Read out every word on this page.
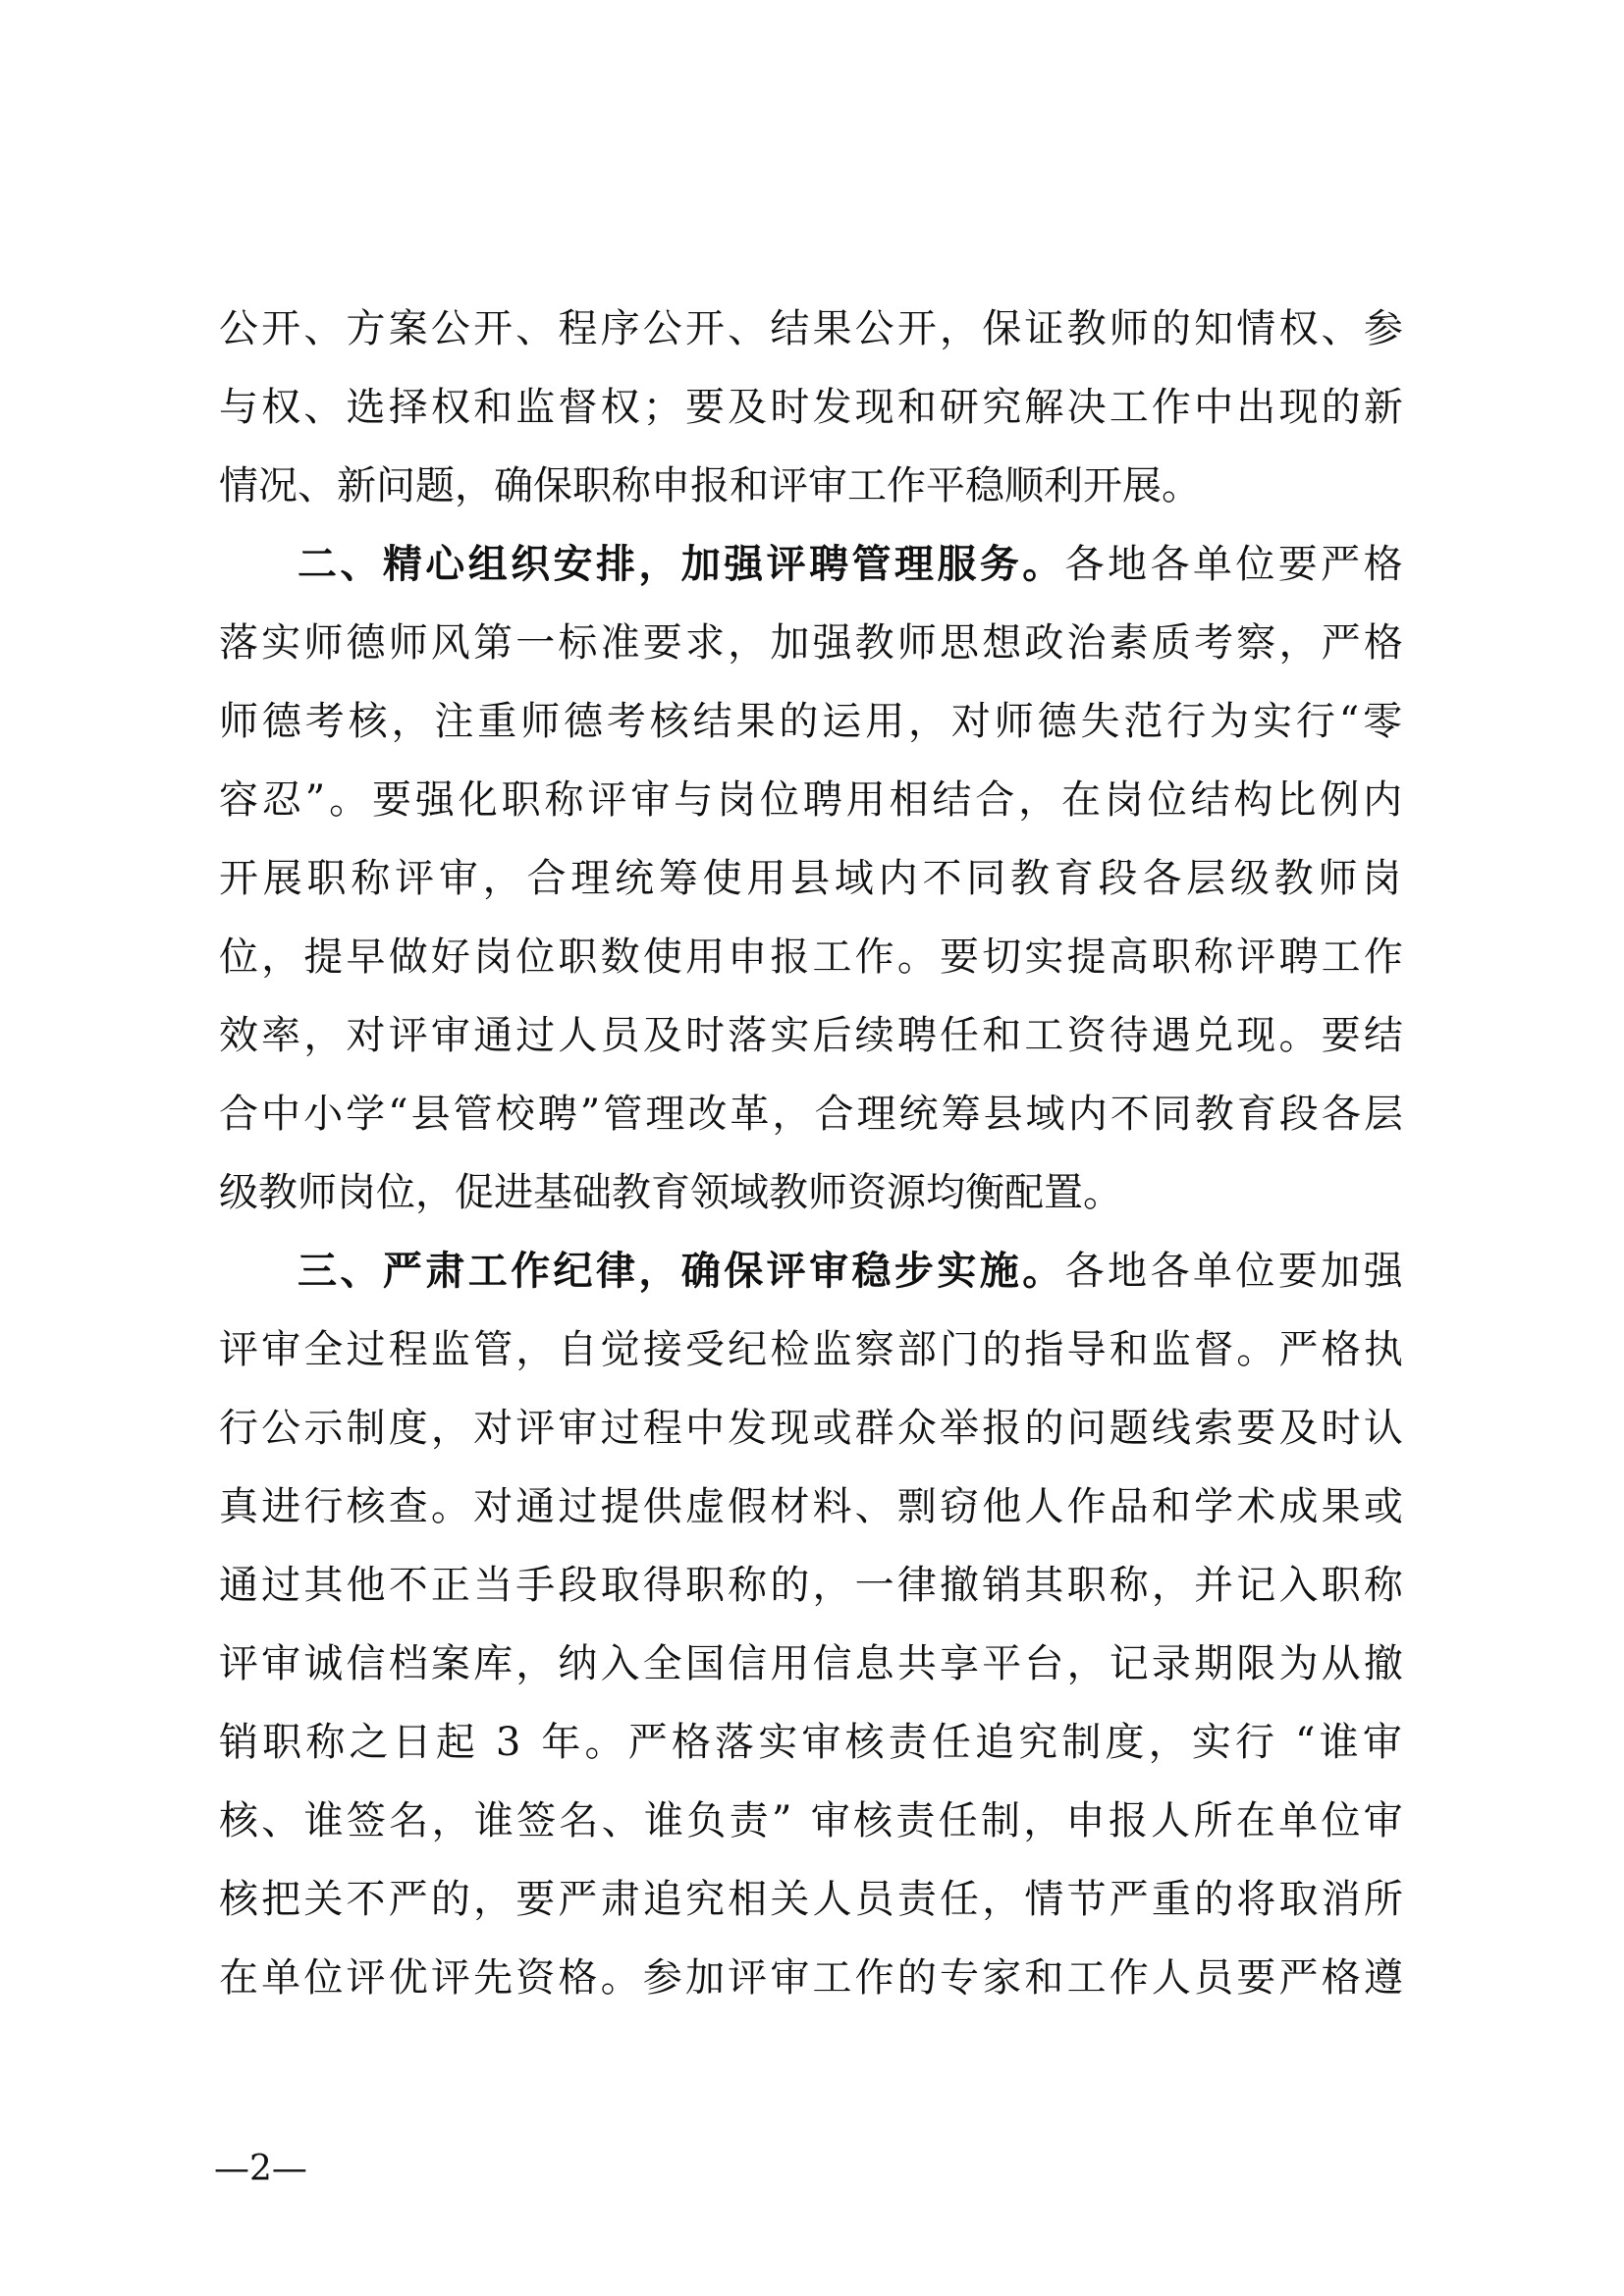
公开、方案公开、程序公开、结果公开，保证教师的知情权、参
与权、选择权和监督权；要及时发现和研究解决工作中出现的新
情况、新问题，确保职称申报和评审工作平稳顺利开展。
二、精心组织安排，加强评聘管理服务。各地各单位要严格
落实师德师风第一标准要求，加强教师思想政治素质考察，严格
师德考核，注重师德考核结果的运用，对师德失范行为实行“零
容忍”。要强化职称评审与岗位聘用相结合，在岗位结构比例内
开展职称评审，合理统筹使用县域内不同教育段各层级教师岗
位，提早做好岗位职数使用申报工作。要切实提高职称评聘工作
效率，对评审通过人员及时落实后续聘任和工资待遇兑现。要结
合中小学“县管校聘”管理改革，合理统筹县域内不同教育段各层
级教师岗位，促进基础教育领域教师资源均衡配置。
三、严肃工作纪律，确保评审稳步实施。各地各单位要加强
评审全过程监管，自觉接受纪检监察部门的指导和监督。严格执
行公示制度，对评审过程中发现或群众举报的问题线索要及时认
真进行核查。对通过提供虚假材料、剽窃他人作品和学术成果或
通过其他不正当手段取得职称的，一律撤销其职称，并记入职称
评审诚信档案库，纳入全国信用信息共享平台，记录期限为从撤
销职称之日起 3 年。严格落实审核责任追究制度，实行 “谁审
核、谁签名，谁签名、谁负责” 审核责任制，申报人所在单位审
核把关不严的，要严肃追究相关人员责任，情节严重的将取消所
在单位评优评先资格。参加评审工作的专家和工作人员要严格遵
—2—
